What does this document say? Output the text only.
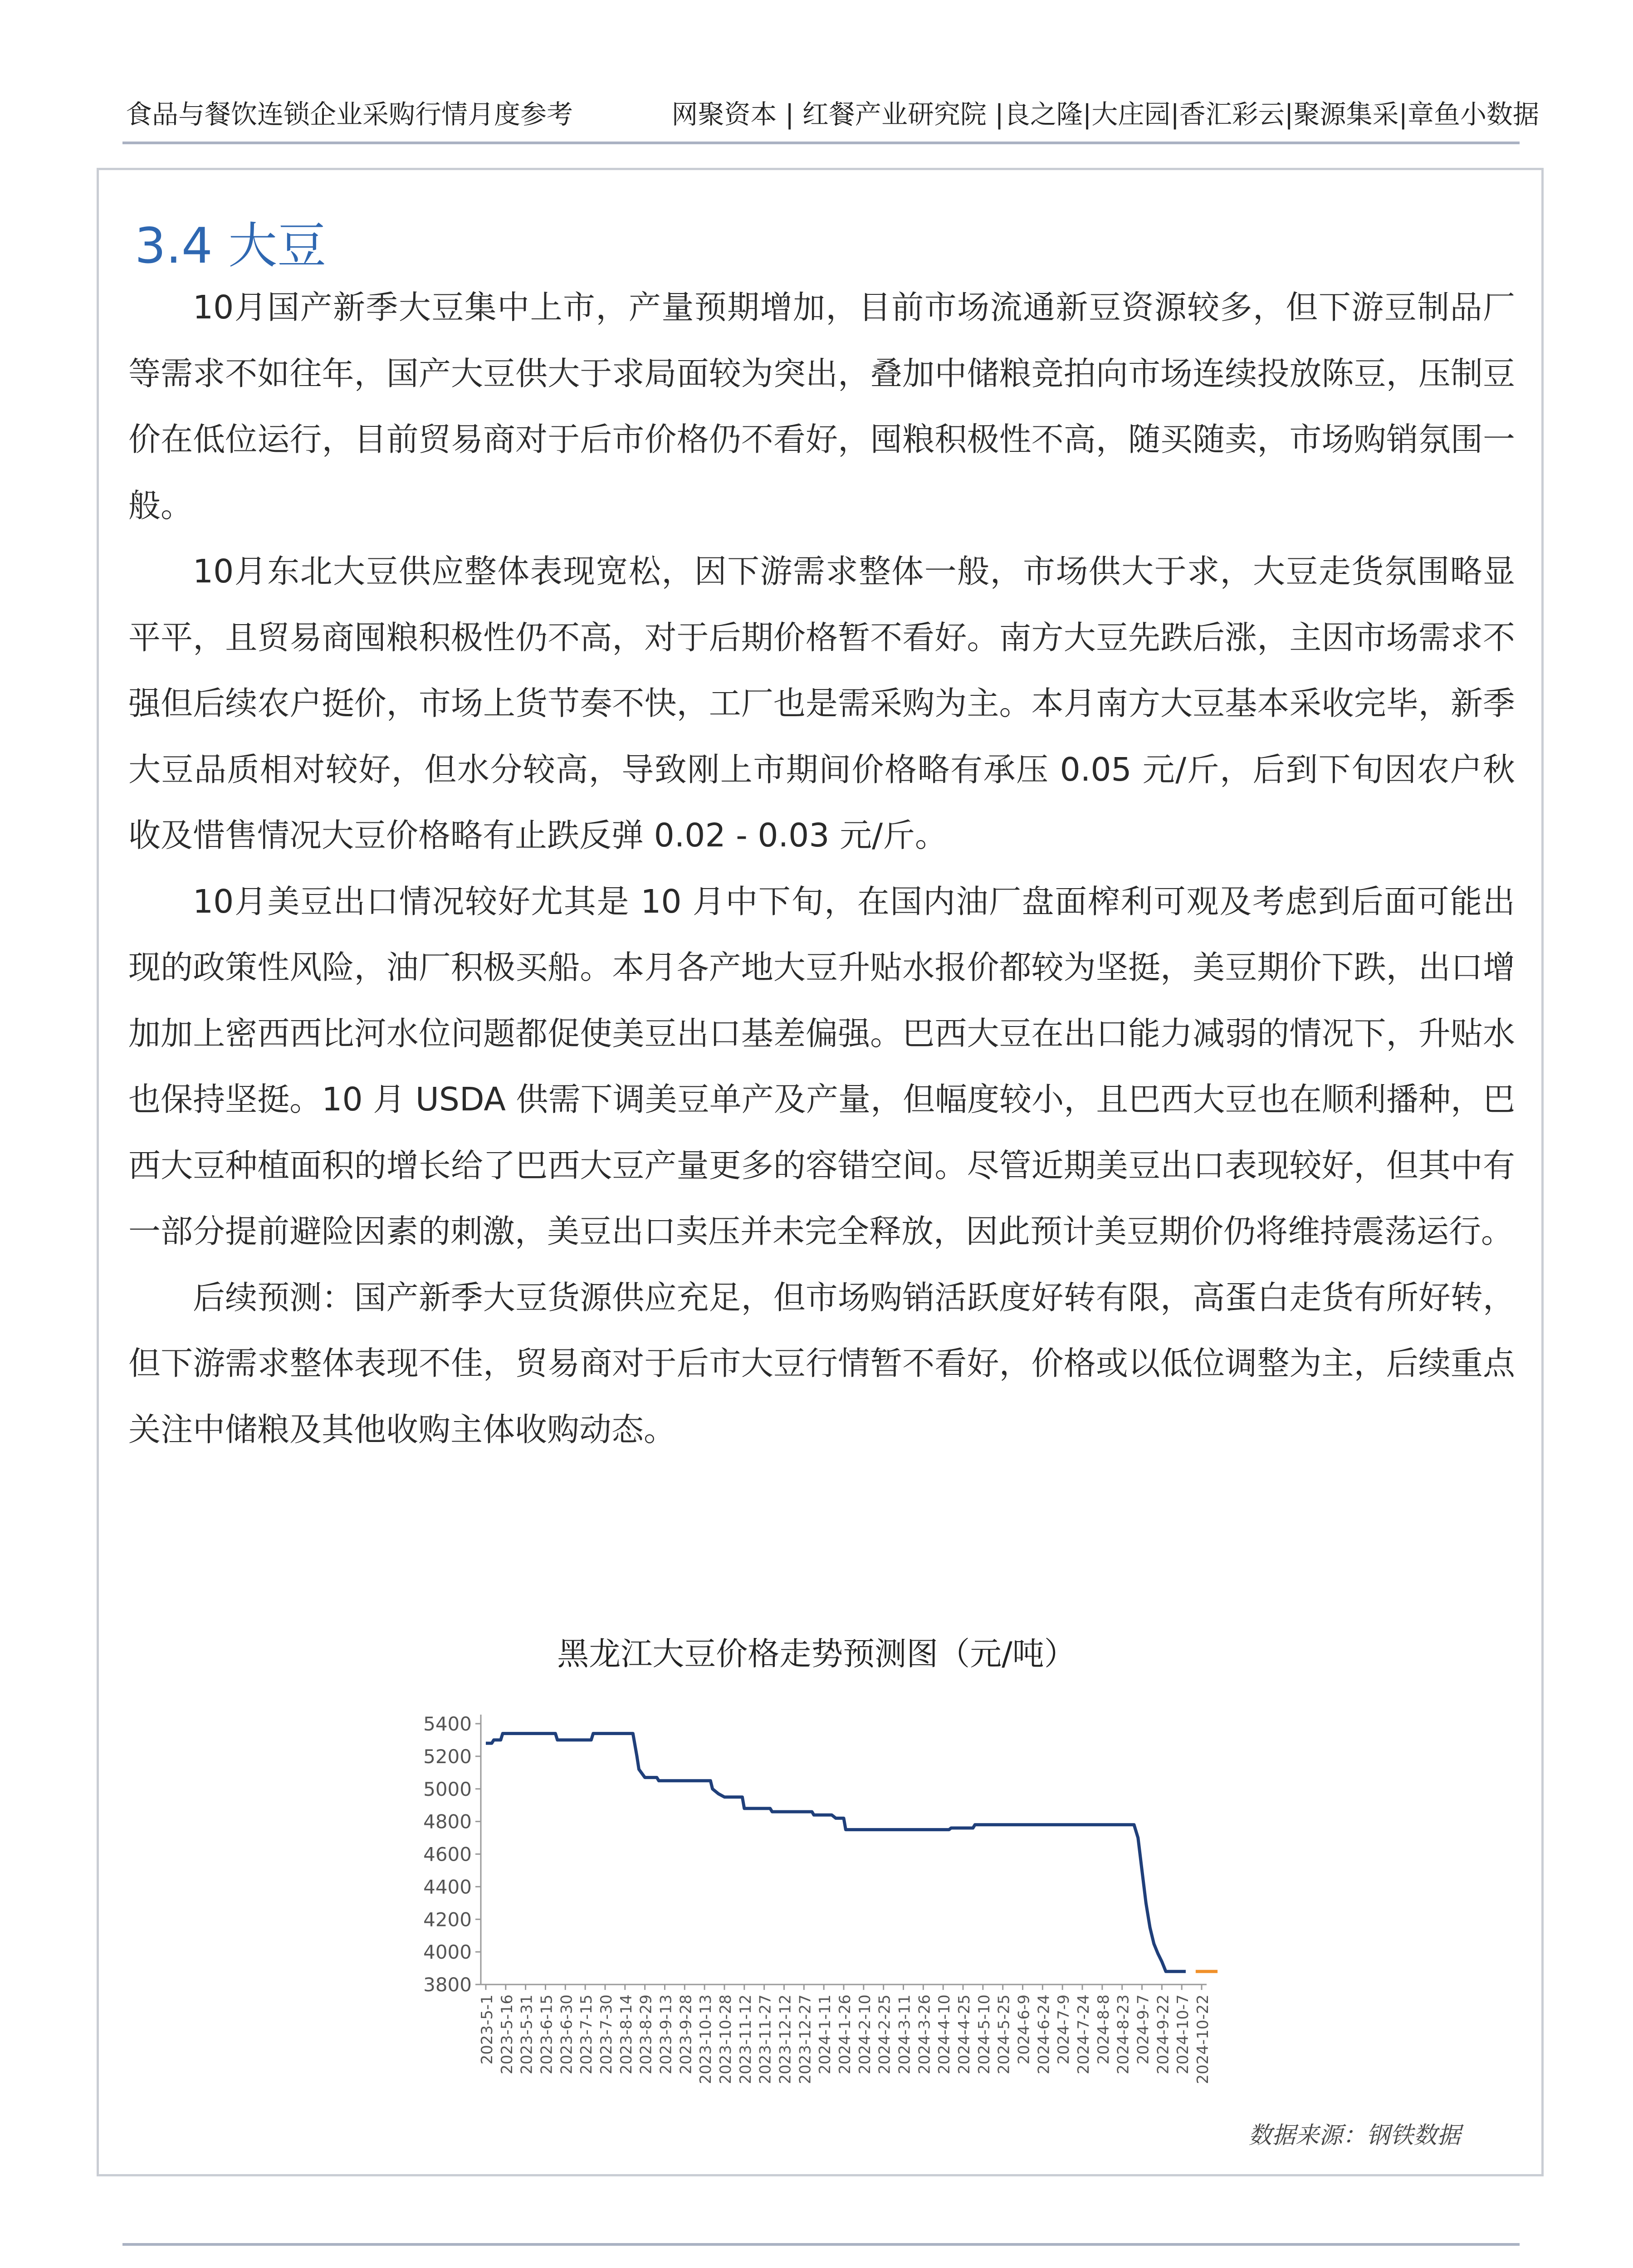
食品与餐饮连锁企业采购行情月度参考	网聚资本 | 红餐产业研究院 |良之隆|大庄园|香汇彩云|聚源集采|章鱼小数据
3.4 大豆

10月国产新季大豆集中上市，产量预期增加，目前市场流通新豆资源较多，但下游豆制品厂等需求不如往年，国产大豆供大于求局面较为突出，叠加中储粮竞拍向市场连续投放陈豆，压制豆价在低位运行，目前贸易商对于后市价格仍不看好，囤粮积极性不高，随买随卖，市场购销氛围一般。

10月东北大豆供应整体表现宽松，因下游需求整体一般，市场供大于求，大豆走货氛围略显平平，且贸易商囤粮积极性仍不高，对于后期价格暂不看好。南方大豆先跌后涨，主因市场需求不强但后续农户挺价，市场上货节奏不快，工厂也是需采购为主。本月南方大豆基本采收完毕，新季大豆品质相对较好，但水分较高，导致刚上市期间价格略有承压 0.05 元/斤，后到下旬因农户秋收及惜售情况大豆价格略有止跌反弹 0.02 - 0.03 元/斤。

10月美豆出口情况较好尤其是 10 月中下旬，在国内油厂盘面榨利可观及考虑到后面可能出现的政策性风险，油厂积极买船。本月各产地大豆升贴水报价都较为坚挺，美豆期价下跌，出口增加加上密西西比河水位问题都促使美豆出口基差偏强。巴西大豆在出口能力减弱的情况下，升贴水也保持坚挺。10 月 USDA 供需下调美豆单产及产量，但幅度较小，且巴西大豆也在顺利播种，巴西大豆种植面积的增长给了巴西大豆产量更多的容错空间。尽管近期美豆出口表现较好，但其中有一部分提前避险因素的刺激，美豆出口卖压并未完全释放，因此预计美豆期价仍将维持震荡运行。

后续预测：国产新季大豆货源供应充足，但市场购销活跃度好转有限，高蛋白走货有所好转，但下游需求整体表现不佳，贸易商对于后市大豆行情暂不看好，价格或以低位调整为主，后续重点关注中储粮及其他收购主体收购动态。

黑龙江大豆价格走势预测图（元/吨）
5400
5200
5000
4800
4600
4400
4200
4000
3800
2023-5-1 2023-5-16 2023-5-31 2023-6-15 2023-6-30 2023-7-15 2023-7-30 2023-8-14 2023-8-29 2023-9-13 2023-9-28 2023-10-13 2023-10-28 2023-11-12 2023-11-27 2023-12-12 2023-12-27 2024-1-11 2024-1-26 2024-2-10 2024-2-25 2024-3-11 2024-3-26 2024-4-10 2024-4-25 2024-5-10 2024-5-25 2024-6-9 2024-6-24 2024-7-9 2024-7-24 2024-8-8 2024-8-23 2024-9-7 2024-9-22 2024-10-7 2024-10-22
数据来源：钢铁数据
